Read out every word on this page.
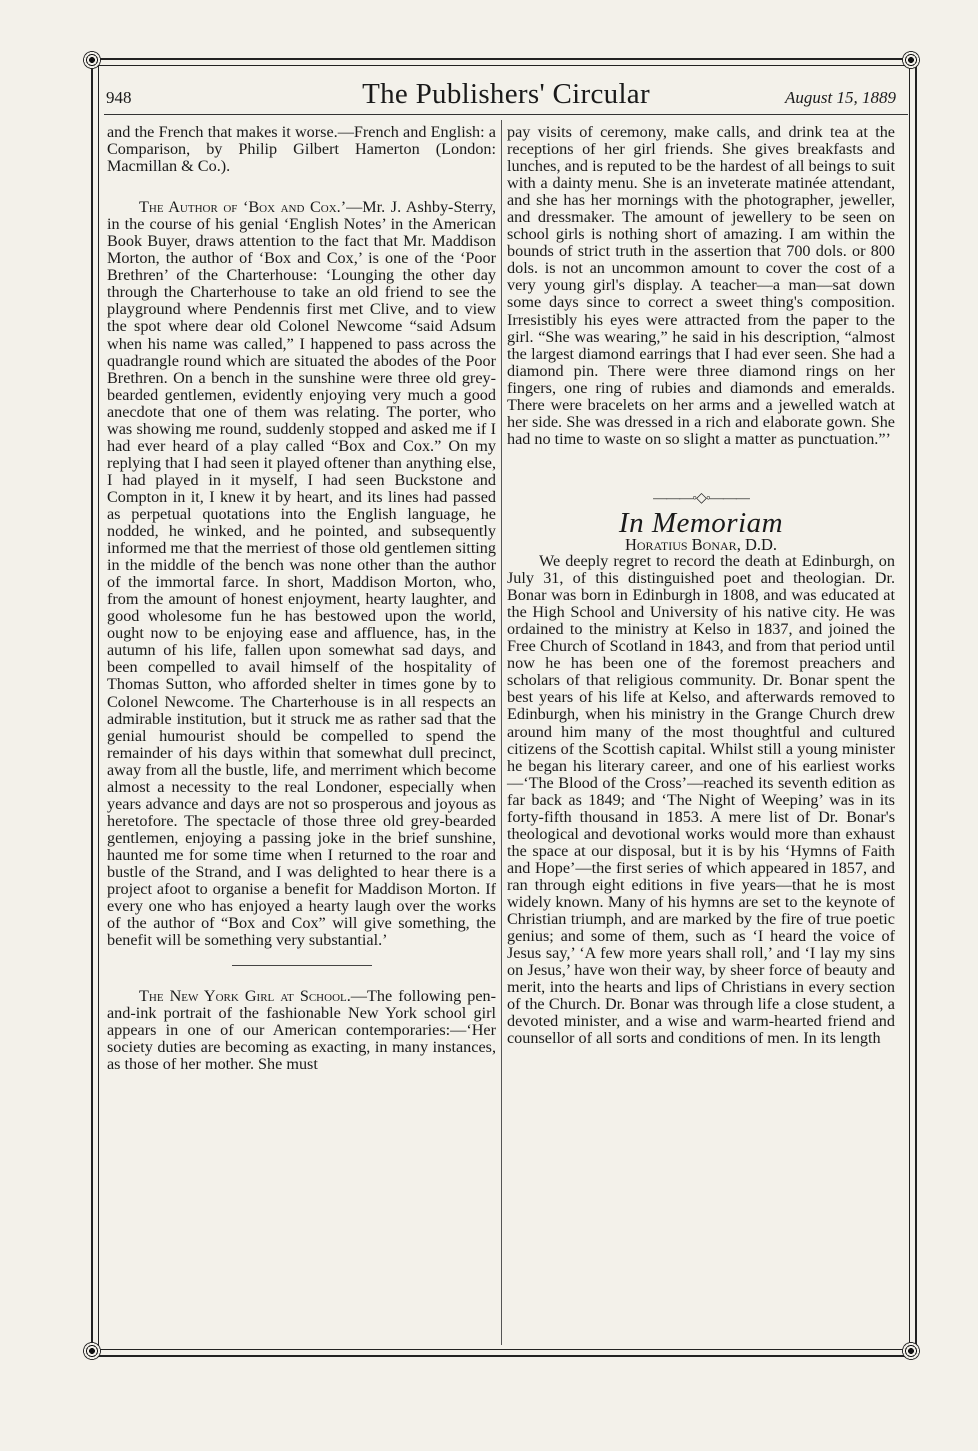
948	The Publishers' Circular	August 15, 1889

and the French that makes it worse.—French and English: a Comparison, by Philip Gilbert Hamerton (London: Macmillan & Co.).

The Author of ‘Box and Cox.’—Mr. J. Ashby-Sterry, in the course of his genial ‘English Notes’ in the American Book Buyer, draws attention to the fact that Mr. Maddison Morton, the author of ‘Box and Cox,’ is one of the ‘Poor Brethren’ of the Charterhouse: ‘Lounging the other day through the Charterhouse to take an old friend to see the playground where Pendennis first met Clive, and to view the spot where dear old Colonel Newcome “said Adsum when his name was called,” I happened to pass across the quadrangle round which are situated the abodes of the Poor Brethren. On a bench in the sunshine were three old grey-bearded gentlemen, evidently enjoying very much a good anecdote that one of them was relating. The porter, who was showing me round, suddenly stopped and asked me if I had ever heard of a play called “Box and Cox.” On my replying that I had seen it played oftener than anything else, I had played in it myself, I had seen Buckstone and Compton in it, I knew it by heart, and its lines had passed as perpetual quotations into the English language, he nodded, he winked, and he pointed, and subsequently informed me that the merriest of those old gentlemen sitting in the middle of the bench was none other than the author of the immortal farce. In short, Maddison Morton, who, from the amount of honest enjoyment, hearty laughter, and good wholesome fun he has bestowed upon the world, ought now to be enjoying ease and affluence, has, in the autumn of his life, fallen upon somewhat sad days, and been compelled to avail himself of the hospitality of Thomas Sutton, who afforded shelter in times gone by to Colonel Newcome. The Charterhouse is in all respects an admirable institution, but it struck me as rather sad that the genial humourist should be compelled to spend the remainder of his days within that somewhat dull precinct, away from all the bustle, life, and merriment which become almost a necessity to the real Londoner, especially when years advance and days are not so prosperous and joyous as heretofore. The spectacle of those three old grey-bearded gentlemen, enjoying a passing joke in the brief sunshine, haunted me for some time when I returned to the roar and bustle of the Strand, and I was delighted to hear there is a project afoot to organise a benefit for Maddison Morton. If every one who has enjoyed a hearty laugh over the works of the author of “Box and Cox” will give something, the benefit will be something very substantial.’

The New York Girl at School.—The following pen-and-ink portrait of the fashionable New York school girl appears in one of our American contemporaries:—‘Her society duties are becoming as exacting, in many instances, as those of her mother. She must

pay visits of ceremony, make calls, and drink tea at the receptions of her girl friends. She gives breakfasts and lunches, and is reputed to be the hardest of all beings to suit with a dainty menu. She is an inveterate matinée attendant, and she has her mornings with the photographer, jeweller, and dressmaker. The amount of jewellery to be seen on school girls is nothing short of amazing. I am within the bounds of strict truth in the assertion that 700 dols. or 800 dols. is not an uncommon amount to cover the cost of a very young girl's display. A teacher—a man—sat down some days since to correct a sweet thing's composition. Irresistibly his eyes were attracted from the paper to the girl. “She was wearing,” he said in his description, “almost the largest diamond earrings that I had ever seen. She had a diamond pin. There were three diamond rings on her fingers, one ring of rubies and diamonds and emeralds. There were bracelets on her arms and a jewelled watch at her side. She was dressed in a rich and elaborate gown. She had no time to waste on so slight a matter as punctuation.”’

———◦◇◦———
In Memoriam
Horatius Bonar, D.D.

We deeply regret to record the death at Edinburgh, on July 31, of this distinguished poet and theologian. Dr. Bonar was born in Edinburgh in 1808, and was educated at the High School and University of his native city. He was ordained to the ministry at Kelso in 1837, and joined the Free Church of Scotland in 1843, and from that period until now he has been one of the foremost preachers and scholars of that religious community. Dr. Bonar spent the best years of his life at Kelso, and afterwards removed to Edinburgh, when his ministry in the Grange Church drew around him many of the most thoughtful and cultured citizens of the Scottish capital. Whilst still a young minister he began his literary career, and one of his earliest works—‘The Blood of the Cross’—reached its seventh edition as far back as 1849; and ‘The Night of Weeping’ was in its forty-fifth thousand in 1853. A mere list of Dr. Bonar's theological and devotional works would more than exhaust the space at our disposal, but it is by his ‘Hymns of Faith and Hope’—the first series of which appeared in 1857, and ran through eight editions in five years—that he is most widely known. Many of his hymns are set to the keynote of Christian triumph, and are marked by the fire of true poetic genius; and some of them, such as ‘I heard the voice of Jesus say,’ ‘A few more years shall roll,’ and ‘I lay my sins on Jesus,’ have won their way, by sheer force of beauty and merit, into the hearts and lips of Christians in every section of the Church. Dr. Bonar was through life a close student, a devoted minister, and a wise and warm-hearted friend and counsellor of all sorts and conditions of men. In its length
